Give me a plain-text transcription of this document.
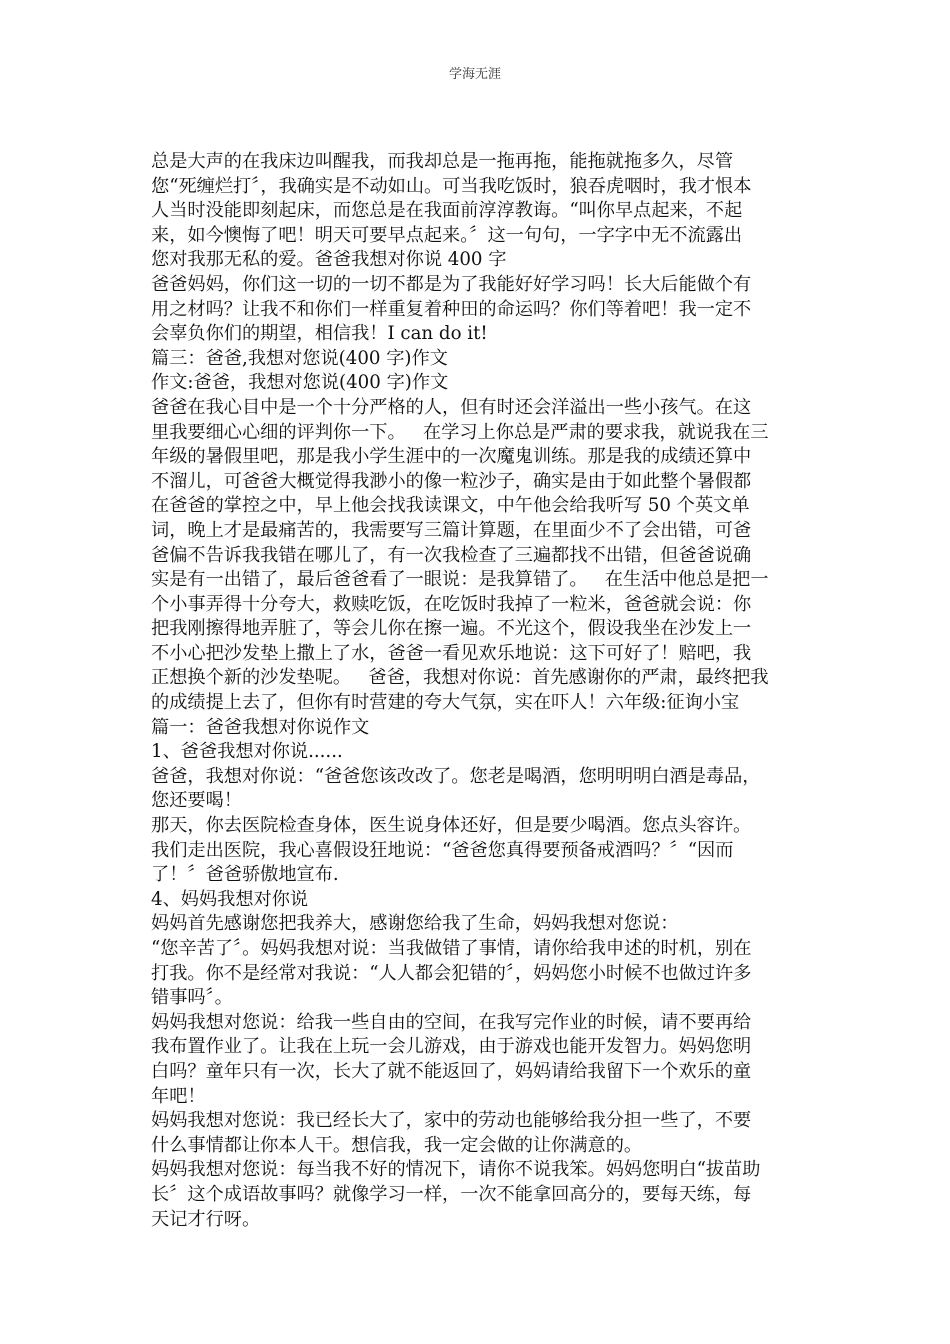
学海无涯

总是大声的在我床边叫醒我，而我却总是一拖再拖，能拖就拖多久，尽管

您“死缠烂打〞，我确实是不动如山。可当我吃饭时，狼吞虎咽时，我才恨本

人当时没能即刻起床，而您总是在我面前淳淳教诲。“叫你早点起来，不起

来，如今懊悔了吧！明天可要早点起来。〞这一句句，一字字中无不流露出

您对我那无私的爱。爸爸我想对你说 400 字

爸爸妈妈，你们这一切的一切不都是为了我能好好学习吗！长大后能做个有

用之材吗？让我不和你们一样重复着种田的命运吗？你们等着吧！我一定不

会辜负你们的期望，相信我！I can do it!

篇三：爸爸,我想对您说(400 字)作文

作文:爸爸，我想对您说(400 字)作文

爸爸在我心目中是一个十分严格的人，但有时还会洋溢出一些小孩气。在这

里我要细心心细的评判你一下。   在学习上你总是严肃的要求我，就说我在三

年级的暑假里吧，那是我小学生涯中的一次魔鬼训练。那是我的成绩还算中

不溜儿，可爸爸大概觉得我渺小的像一粒沙子，确实是由于如此整个暑假都

在爸爸的掌控之中，早上他会找我读课文，中午他会给我听写 50 个英文单

词，晚上才是最痛苦的，我需要写三篇计算题，在里面少不了会出错，可爸

爸偏不告诉我我错在哪儿了，有一次我检查了三遍都找不出错，但爸爸说确

实是有一出错了，最后爸爸看了一眼说：是我算错了。   在生活中他总是把一

个小事弄得十分夸大，救赎吃饭，在吃饭时我掉了一粒米，爸爸就会说：你

把我刚擦得地弄脏了，等会儿你在擦一遍。不光这个，假设我坐在沙发上一

不小心把沙发垫上撒上了水，爸爸一看见欢乐地说：这下可好了！赔吧，我

正想换个新的沙发垫呢。   爸爸，我想对你说：首先感谢你的严肃，最终把我

的成绩提上去了，但你有时营建的夸大气氛，实在吓人！六年级:征询小宝

篇一：爸爸我想对你说作文

1、爸爸我想对你说......

爸爸，我想对你说：“爸爸您该改改了。您老是喝酒，您明明明白酒是毒品，

您还要喝！

那天，你去医院检查身体，医生说身体还好，但是要少喝酒。您点头容许。

我们走出医院，我心喜假设狂地说：“爸爸您真得要预备戒酒吗？〞“因而

了！〞爸爸骄傲地宣布.

4、妈妈我想对你说

妈妈首先感谢您把我养大，感谢您给我了生命，妈妈我想对您说：

“您辛苦了〞。妈妈我想对说：当我做错了事情，请你给我申述的时机，别在

打我。你不是经常对我说：“人人都会犯错的〞，妈妈您小时候不也做过许多

错事吗〞。

妈妈我想对您说：给我一些自由的空间，在我写完作业的时候，请不要再给

我布置作业了。让我在上玩一会儿游戏，由于游戏也能开发智力。妈妈您明

白吗？童年只有一次，长大了就不能返回了，妈妈请给我留下一个欢乐的童

年吧！

妈妈我想对您说：我已经长大了，家中的劳动也能够给我分担一些了，不要

什么事情都让你本人干。想信我，我一定会做的让你满意的。

妈妈我想对您说：每当我不好的情况下，请你不说我笨。妈妈您明白“拔苗助

长〞这个成语故事吗？就像学习一样，一次不能拿回高分的，要每天练，每

天记才行呀。
